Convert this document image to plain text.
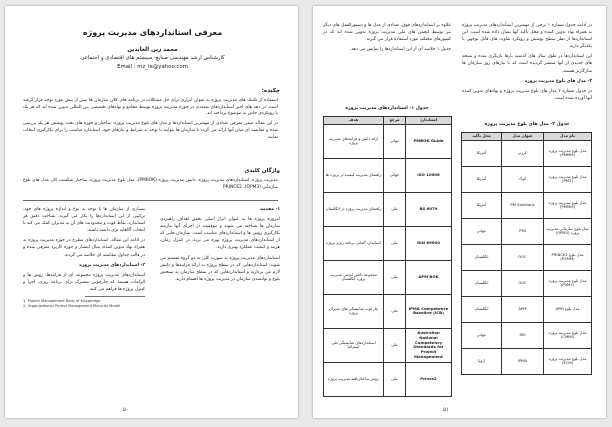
معرفی استانداردهای مدیریت پروژه
محمد زین العابدین
کارشناس ارشد مهندسی صنایع- سیستم های اقتصادی و اجتماعی
Email : mz_ie@yahoo.com
چکیده:

استفاده از تکنیک های مدیریت پروژه به عنوان ابزاری برای حل مشکلات در برنامه های کلان سازمان ها بیش از پیش مورد توجه قرار گرفته است. در دهه های اخیر استانداردهای متعددی در حوزه مدیریت پروژه توسط مجامع و نهادهای تخصصی بین المللی تدوین شده اند که هر یک با رویکردی خاص به موضوع پرداخته اند.

در این مقاله ضمن معرفی تعدادی از مهمترین استانداردها و مدل های بلوغ مدیریت پروژه، ساختار و حوزه های تحت پوشش هر یک بررسی شده و مقایسه ای میان آنها ارائه می گردد تا سازمان ها بتوانند با توجه به شرایط و نیازهای خود، استاندارد مناسب را برای بکارگیری انتخاب نمایند.

واژگان کلیدی
مدیریت پروژه، استانداردهای مدیریت پروژه، دانش مدیریت پروژه (PMBOK)، مدل بلوغ مدیریت پروژه، ساختار شکست کار، مدل های بلوغ سازمانی (OPM3)، PRINCE2

۱- مقدمه

امروزه پروژه ها به عنوان ابزار اصلی تحقق اهداف راهبردی سازمان ها شناخته می شوند و موفقیت در اجرای آنها نیازمند بکارگیری روش ها و استانداردهای مناسب است. سازمان هایی که از استانداردهای مدیریت پروژه بهره می برند، در کنترل زمان، هزینه و کیفیت عملکرد بهتری دارند.

استانداردهای مدیریت پروژه به صورت کلی به دو گروه تقسیم می شوند: استانداردهایی که در سطح پروژه به ارائه فرایندها و دانش لازم می پردازند و استانداردهایی که در سطح سازمان به سنجش بلوغ و توانمندی سازمان در مدیریت پروژه ها اهتمام دارند.

بسیاری از سازمان ها با توجه به نوع و اندازه پروژه های خود، ترکیبی از این استانداردها را بکار می گیرند. شناخت دقیق هر استاندارد، نقاط قوت و محدودیت های آن به مدیران کمک می کند تا انتخاب آگاهانه تری داشته باشند.

در ادامه این مقاله، استانداردهای مطرح در حوزه مدیریت پروژه به همراه نهاد تدوین کننده، سال انتشار و حوزه کاربرد معرفی شده و در قالب جداول مقایسه ای خلاصه می گردند.

۲- استانداردهای مدیریت پروژه

استانداردهای مدیریت پروژه مجموعه ای از فرایندها، روش ها و الزامات هستند که چارچوبی مشترک برای برنامه ریزی، اجرا و کنترل پروژه ها فراهم می کنند.

1. Project Management Body of Knowledge
2. Organizational Project Management Maturity Model
۵۰

در ادامه جدول شماره ۱ برخی از مهمترین استانداردهای مدیریت پروژه به همراه نهاد تدوین کننده و محل تأکید آنها نشان داده شده است. این استانداردها از نظر سطح پوشش و رویکرد تفاوت های قابل توجهی با یکدیگر دارند.

این استانداردها در طول سال های گذشته بارها بازنگری شده و نسخه های جدیدی از آنها منتشر گردیده است که با نیازهای روز سازمان ها سازگارتر هستند.

۳- مدل های بلوغ مدیریت پروژه

در جدول شماره ۲ مدل های بلوغ مدیریت پروژه و نهادهای تدوین کننده آنها آورده شده است.

علاوه بر استانداردهای فوق، تعدادی از مدل ها و دستورالعمل های دیگر نیز توسط انجمن های ملی مدیریت پروژه تدوین شده اند که در کشورهای مختلف مورد استفاده قرار می گیرند.

جدول ۱ خلاصه ای از این استانداردها را نمایش می دهد.

جدول ۲- مدل های بلوغ مدیریت پروژه
نام مدل	عنوان مدل	محل تأکید
مدل بلوغ مدیریت پروژه (PMMM)	کرزنر	آمریکا
مدل بلوغ مدیریت پروژه (PM2)	کوک	آمریکا
مدل بلوغ مدیریت پروژه (PMMM)	PM Solutions	آمریکا
مدل بلوغ سازمانی مدیریت پروژه (OPM3)	PMI	جهانی
مدل بلوغ PRINCE2 (P2MM)	OGC	انگلستان
مدل بلوغ مدیریت پروژه (P3M3)	OGC	انگلستان
مدل بلوغ APM	APM	انگلستان
مدل بلوغ مدیریت پروژه (CMMI)	SEI	جهانی
مدل بلوغ مدیریت پروژه (ECM)	IPMA	اروپا
جدول ۱- استانداردهای مدیریت پروژه
استاندارد	مرجع	هدف
PMBOK Guide	جهانی	ارائه دانش و فرایندهای مدیریت پروژه
ISO 10006	جهانی	راهنمای مدیریت کیفیت در پروژه ها
BS 6079	ملی	راهنمای مدیریت پروژه در انگلستان
DIN 69900	ملی	استاندارد آلمانی برنامه ریزی پروژه
APM BOK	ملی	مجموعه دانش انجمن مدیریت پروژه انگلستان
IPMA Competence Baseline (ICB)	ملی	چارچوب شایستگی های مدیران پروژه
Australian National Competency Standards for Project Management	ملی	استانداردهای شایستگی ملی استرالیا
Prince2	ملی	روش ساختاریافته مدیریت پروژه
۵۱
